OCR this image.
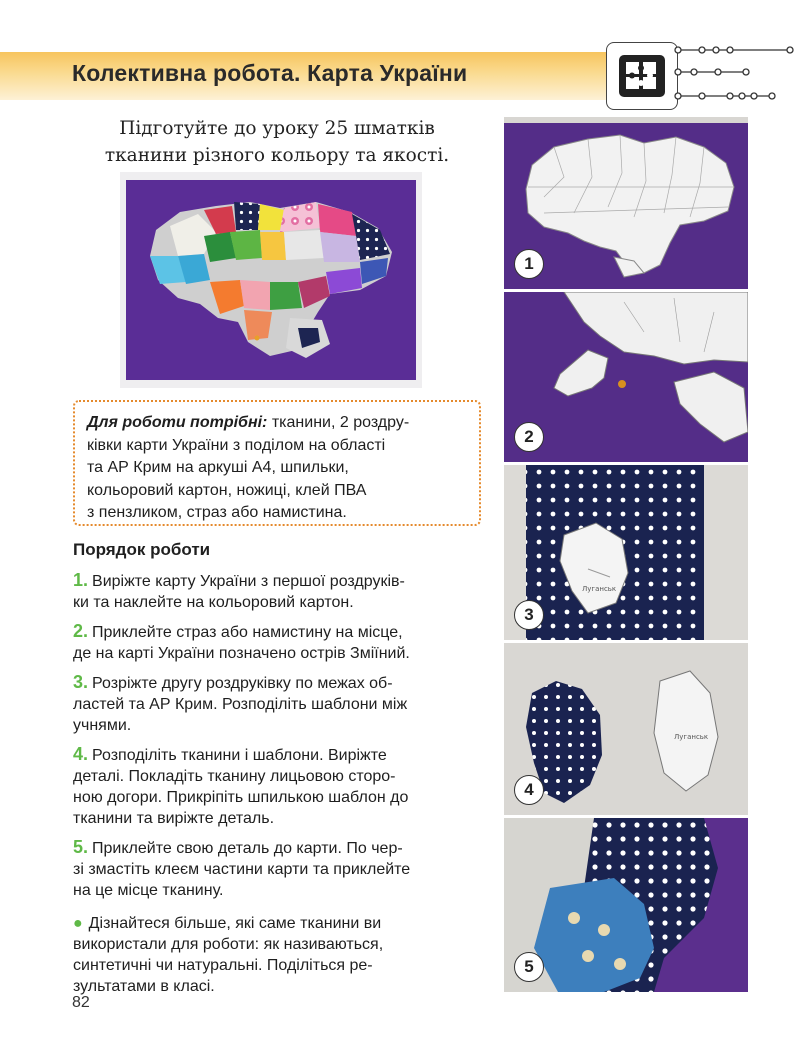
Колективна робота. Карта України
Підготуйте до уроку 25 шматків
тканини різного кольору та якості.
Для роботи потрібні: тканини, 2 роздру-
ківки карти України з поділом на області
та АР Крим на аркуші А4, шпильки,
кольоровий картон, ножиці, клей ПВА
з пензликом, страз або намистина.
Порядок роботи
1. Виріжте карту України з першої роздруків-
ки та наклейте на кольоровий картон.
2. Приклейте страз або намистину на місце,
де на карті України позначено острів Зміїний.
3. Розріжте другу роздруківку по межах об-
ластей та АР Крим. Розподіліть шаблони між
учнями.
4. Розподіліть тканини і шаблони. Виріжте
деталі. Покладіть тканину лицьовою сторо-
ною догори. Прикріпіть шпилькою шаблон до
тканини та виріжте деталь.
5. Приклейте свою деталь до карти. По чер-
зі змастіть клеєм частини карти та приклейте
на це місце тканину.
● Дізнайтеся більше, які саме тканини ви
використали для роботи: як називаються,
синтетичні чи натуральні. Поділіться ре-
зультатами в класі.
82
1
2
Луганськ
3
Луганськ
4
5
